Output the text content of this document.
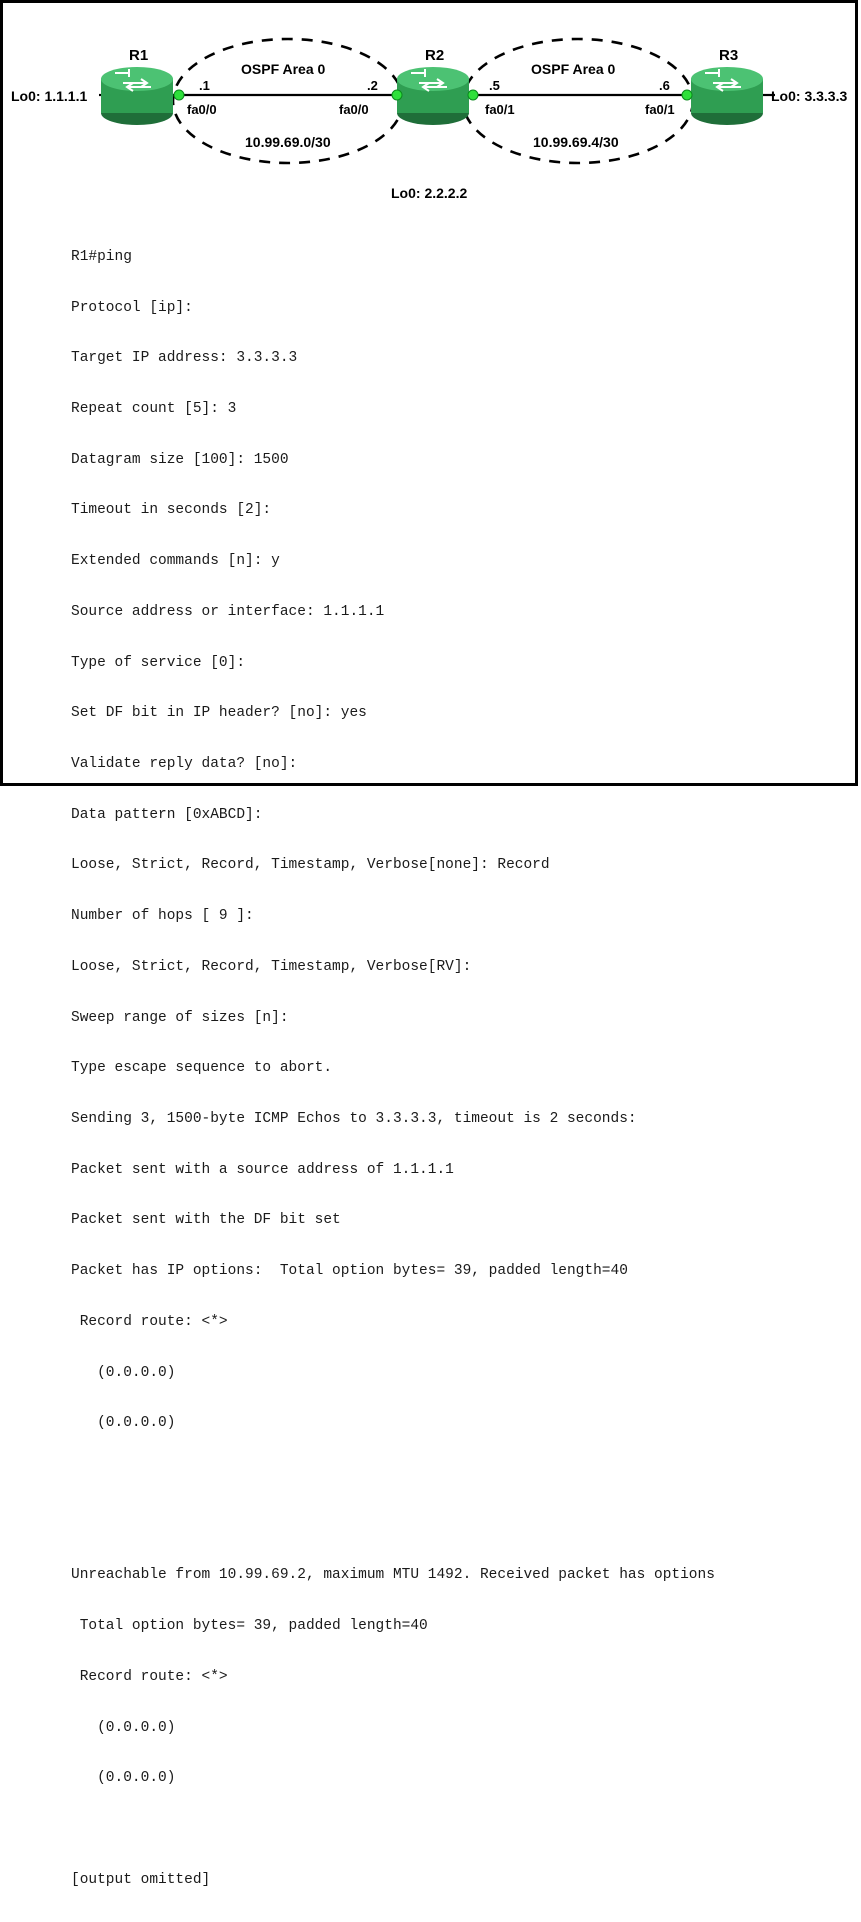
R1	R2	R3
Lo0: 1.1.1.1	Lo0: 3.3.3.3
Lo0: 2.2.2.2
OSPF Area 0	OSPF Area 0
10.99.69.0/30	10.99.69.4/30
.1	.2	.5	.6
fa0/0	fa0/0	fa0/1	fa0/1

R1#ping

Protocol [ip]:

Target IP address: 3.3.3.3

Repeat count [5]: 3

Datagram size [100]: 1500

Timeout in seconds [2]:

Extended commands [n]: y

Source address or interface: 1.1.1.1

Type of service [0]:

Set DF bit in IP header? [no]: yes

Validate reply data? [no]:

Data pattern [0xABCD]:

Loose, Strict, Record, Timestamp, Verbose[none]: Record

Number of hops [ 9 ]:

Loose, Strict, Record, Timestamp, Verbose[RV]:

Sweep range of sizes [n]:

Type escape sequence to abort.

Sending 3, 1500-byte ICMP Echos to 3.3.3.3, timeout is 2 seconds:

Packet sent with a source address of 1.1.1.1

Packet sent with the DF bit set

Packet has IP options:  Total option bytes= 39, padded length=40

Record route: <*>

(0.0.0.0)

(0.0.0.0)

Unreachable from 10.99.69.2, maximum MTU 1492. Received packet has options

Total option bytes= 39, padded length=40

Record route: <*>

(0.0.0.0)

(0.0.0.0)

[output omitted]
